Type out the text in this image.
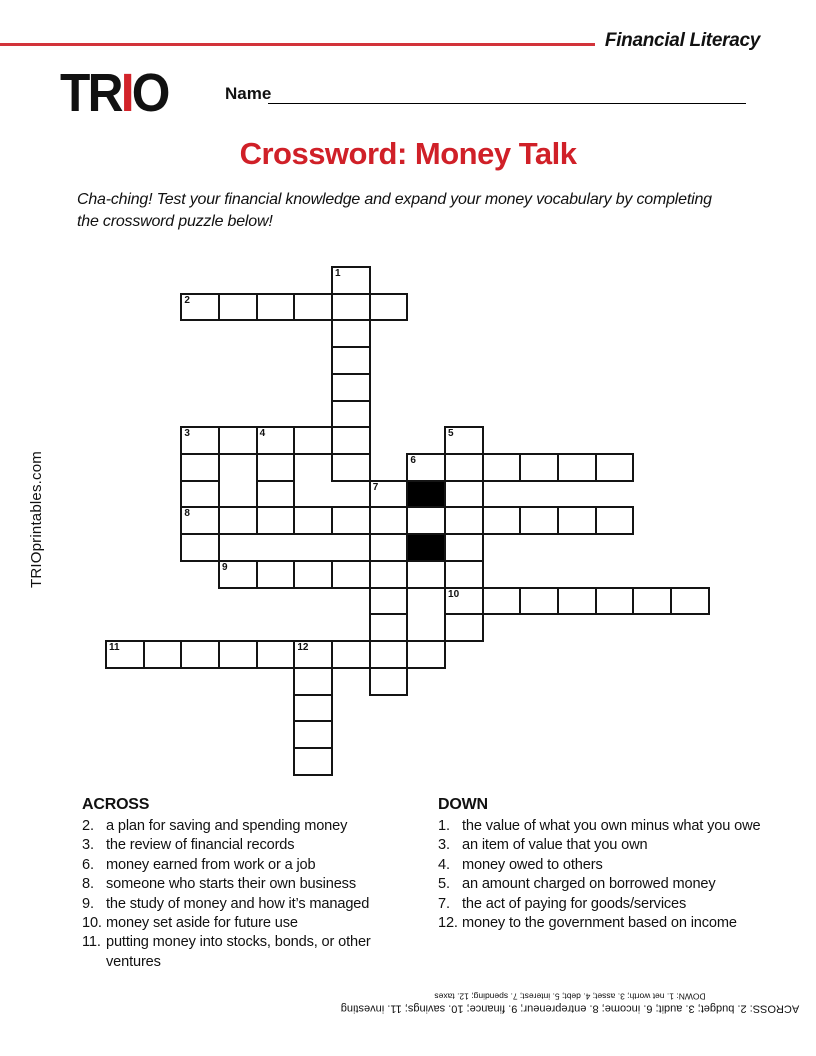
Financial Literacy
TRIO	Name
Crossword: Money Talk
Cha-ching! Test your financial knowledge and expand your money vocabulary by completing the crossword puzzle below!
TRIOprintables.com
1
2
3	4	5
6
7
8
9
10
11	12
ACROSS
2. a plan for saving and spending money
3. the review of financial records
6. money earned from work or a job
8. someone who starts their own business
9. the study of money and how it’s managed
10. money set aside for future use
11. putting money into stocks, bonds, or other ventures
DOWN
1. the value of what you own minus what you owe
3. an item of value that you own
4. money owed to others
5. an amount charged on borrowed money
7. the act of paying for goods/services
12. money to the government based on income
ACROSS: 2. budget; 3. audit; 6. income; 8. entrepreneur; 9. finance; 10. savings; 11. investing
DOWN: 1. net worth; 3. asset; 4. debt; 5. interest; 7. spending; 12. taxes
